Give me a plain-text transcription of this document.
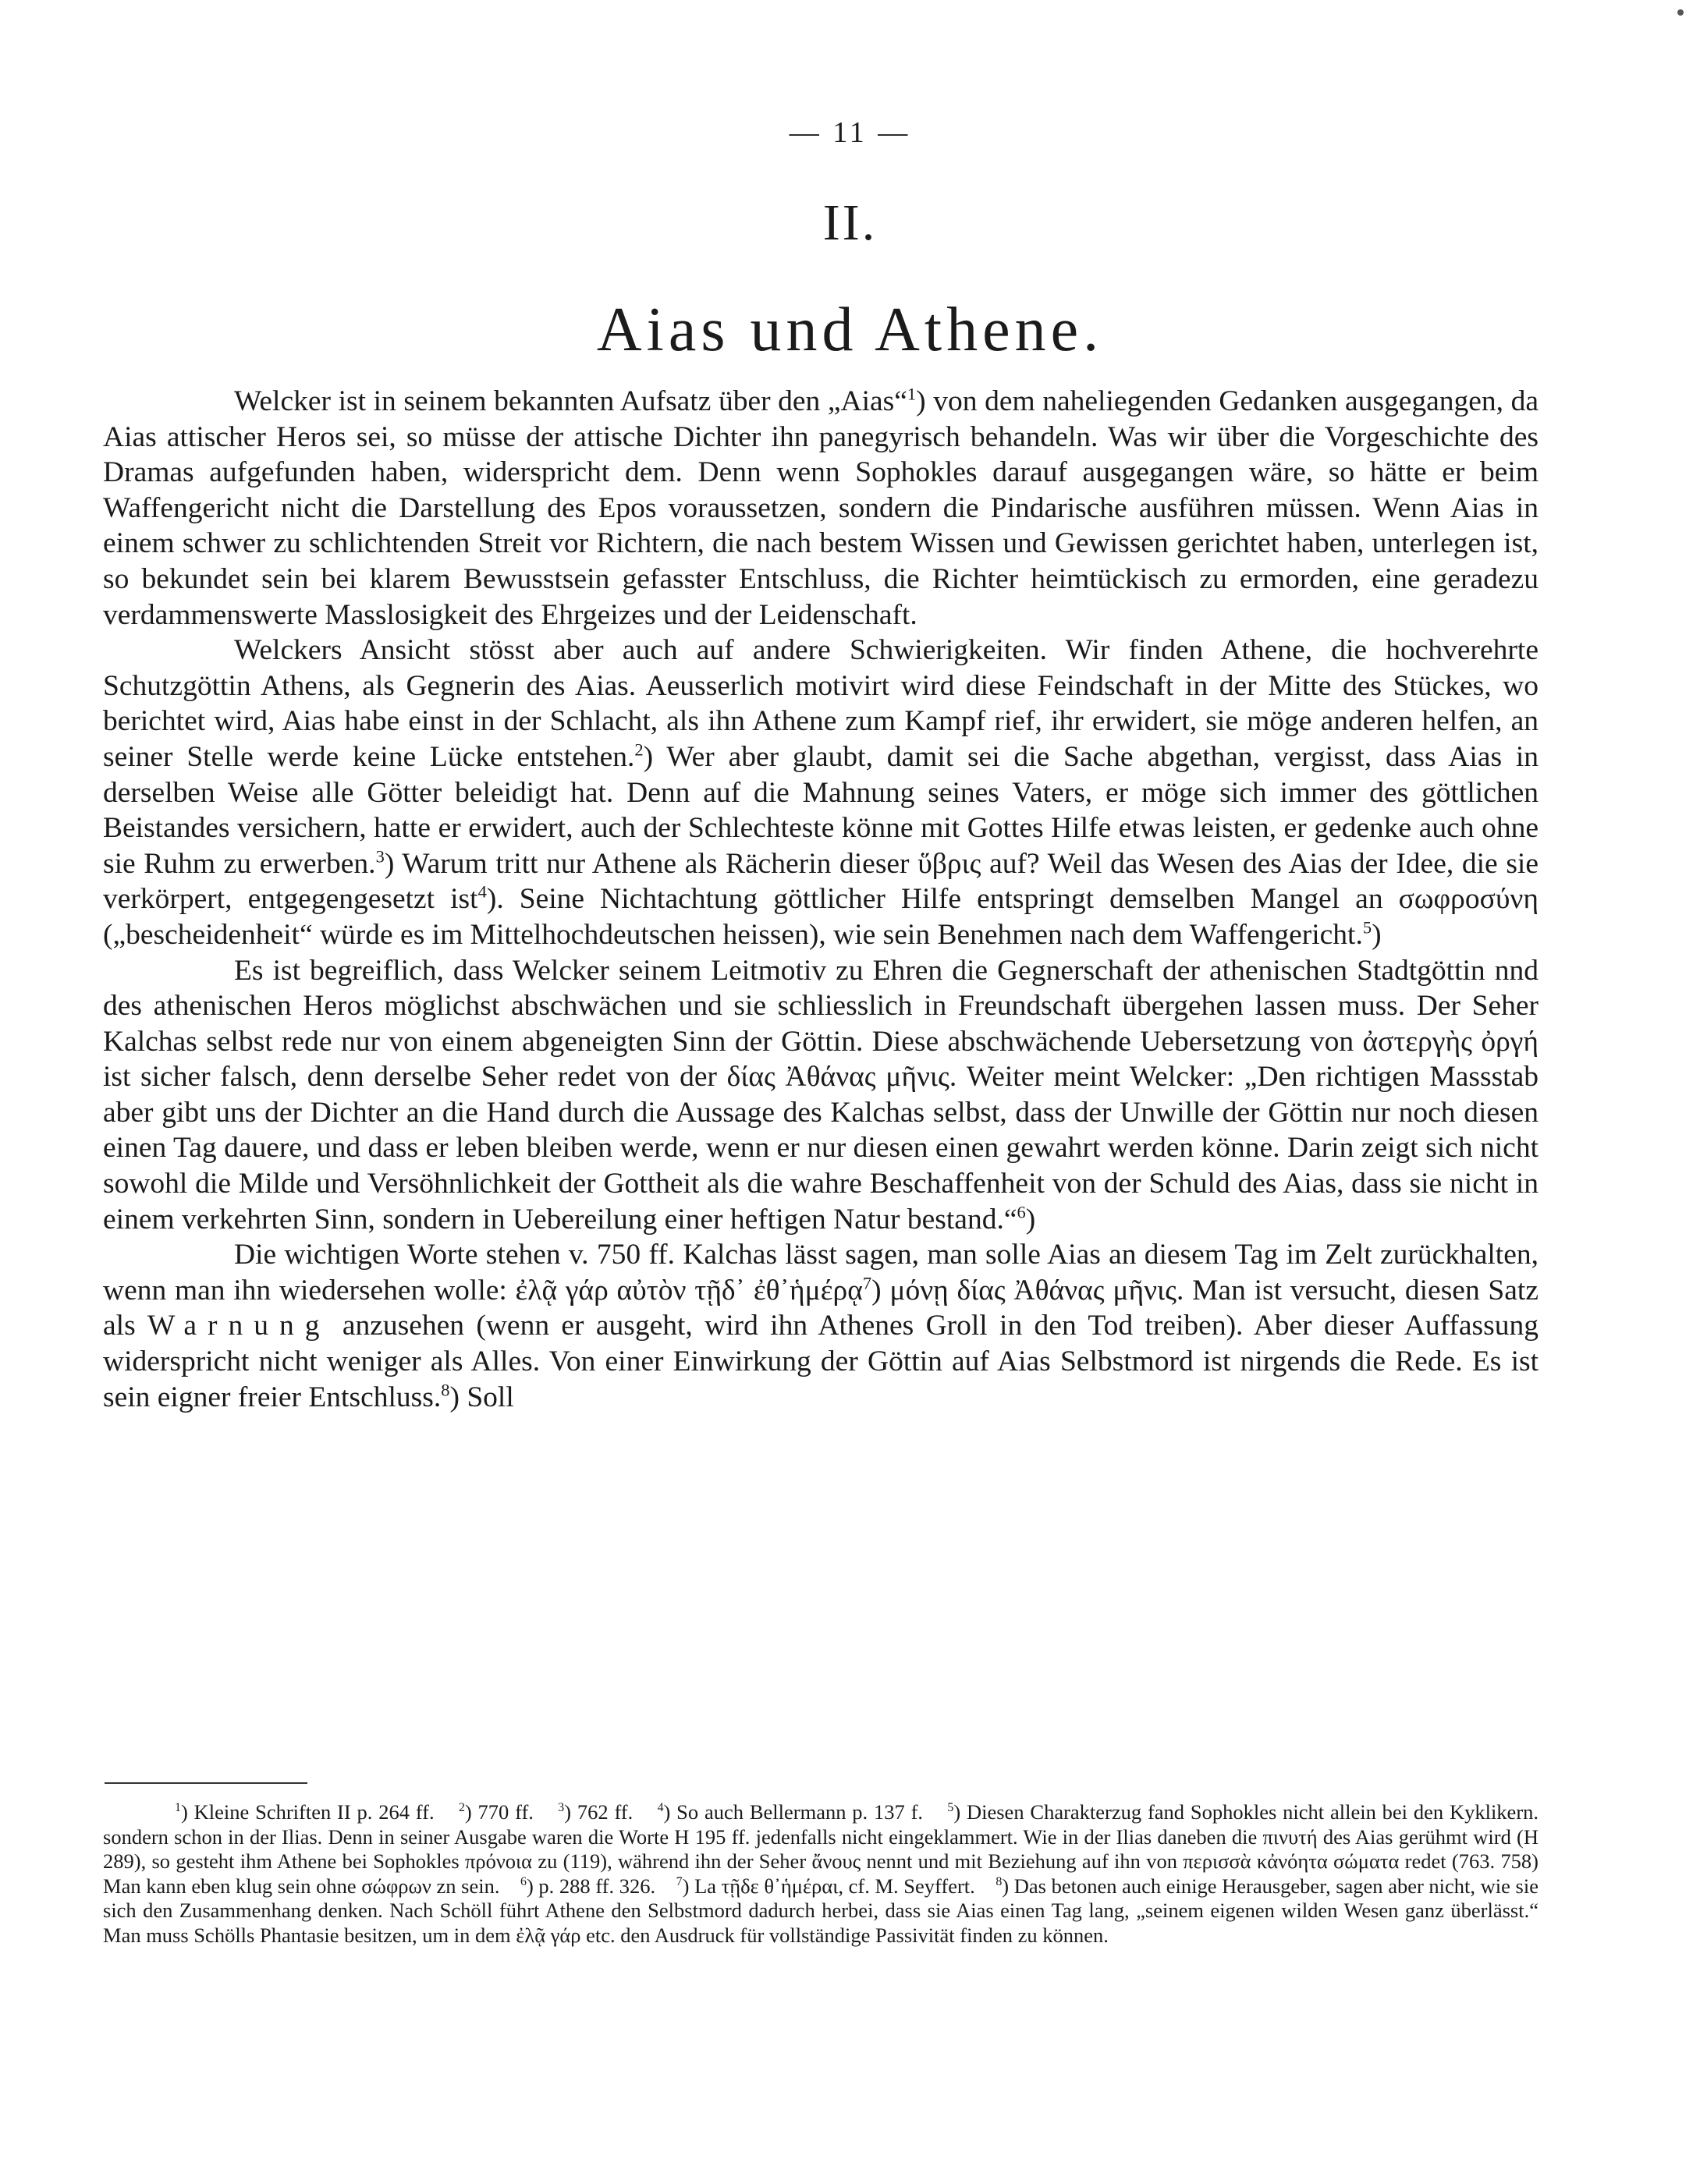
— 11 —
II.
Aias und Athene.

Welcker ist in seinem bekannten Aufsatz über den „Aias“$^1$) von dem naheliegenden Gedanken ausgegangen, da Aias attischer Heros sei, so müsse der attische Dichter ihn panegyrisch behandeln. Was wir über die Vorgeschichte des Dramas aufgefunden haben, widerspricht dem. Denn wenn Sophokles darauf ausgegangen wäre, so hätte er beim Waffengericht nicht die Darstellung des Epos voraussetzen, sondern die Pindarische ausführen müssen. Wenn Aias in einem schwer zu schlichtenden Streit vor Richtern, die nach bestem Wissen und Gewissen gerichtet haben, unterlegen ist, so bekundet sein bei klarem Bewusstsein gefasster Entschluss, die Richter heimtückisch zu ermorden, eine geradezu verdammenswerte Masslosigkeit des Ehrgeizes und der Leidenschaft.

Welckers Ansicht stösst aber auch auf andere Schwierigkeiten. Wir finden Athene, die hochverehrte Schutzgöttin Athens, als Gegnerin des Aias. Aeusserlich motivirt wird diese Feindschaft in der Mitte des Stückes, wo berichtet wird, Aias habe einst in der Schlacht, als ihn Athene zum Kampf rief, ihr erwidert, sie möge anderen helfen, an seiner Stelle werde keine Lücke entstehen.$^2$) Wer aber glaubt, damit sei die Sache abgethan, vergisst, dass Aias in derselben Weise alle Götter beleidigt hat. Denn auf die Mahnung seines Vaters, er möge sich immer des göttlichen Beistandes versichern, hatte er erwidert, auch der Schlechteste könne mit Gottes Hilfe etwas leisten, er gedenke auch ohne sie Ruhm zu erwerben.$^3$) Warum tritt nur Athene als Rächerin dieser ὕβρις auf? Weil das Wesen des Aias der Idee, die sie verkörpert, entgegengesetzt ist$^4$). Seine Nichtachtung göttlicher Hilfe entspringt demselben Mangel an σωφροσύνη („bescheidenheit“ würde es im Mittelhochdeutschen heissen), wie sein Benehmen nach dem Waffengericht.$^5$)

Es ist begreiflich, dass Welcker seinem Leitmotiv zu Ehren die Gegnerschaft der athenischen Stadtgöttin nnd des athenischen Heros möglichst abschwächen und sie schliesslich in Freundschaft übergehen lassen muss. Der Seher Kalchas selbst rede nur von einem abgeneigten Sinn der Göttin. Diese abschwächende Uebersetzung von ἀστεργὴς ὀργή ist sicher falsch, denn derselbe Seher redet von der δίας Ἀθάνας μῆνις. Weiter meint Welcker: „Den richtigen Massstab aber gibt uns der Dichter an die Hand durch die Aussage des Kalchas selbst, dass der Unwille der Göttin nur noch diesen einen Tag dauere, und dass er leben bleiben werde, wenn er nur diesen einen gewahrt werden könne. Darin zeigt sich nicht sowohl die Milde und Versöhnlichkeit der Gottheit als die wahre Beschaffenheit von der Schuld des Aias, dass sie nicht in einem verkehrten Sinn, sondern in Uebereilung einer heftigen Natur bestand.“$^6$)

Die wichtigen Worte stehen v. 750 ff. Kalchas lässt sagen, man solle Aias an diesem Tag im Zelt zurückhalten, wenn man ihn wiedersehen wolle: ἐλᾷ γάρ αὐτὸν τῇδ᾽ ἐθ᾽ἡμέρᾳ$^7$) μόνῃ δίας Ἀθάνας μῆνις. Man ist versucht, diesen Satz als Warnung anzusehen (wenn er ausgeht, wird ihn Athenes Groll in den Tod treiben). Aber dieser Auffassung widerspricht nicht weniger als Alles. Von einer Einwirkung der Göttin auf Aias Selbstmord ist nirgends die Rede. Es ist sein eigner freier Entschluss.$^8$) Soll

$^1$) Kleine Schriften II p. 264 ff. $^2$) 770 ff. $^3$) 762 ff. $^4$) So auch Bellermann p. 137 f. $^5$) Diesen Charakterzug fand Sophokles nicht allein bei den Kyklikern. sondern schon in der Ilias. Denn in seiner Ausgabe waren die Worte H 195 ff. jedenfalls nicht eingeklammert. Wie in der Ilias daneben die πινυτή des Aias gerühmt wird (H 289), so gesteht ihm Athene bei Sophokles πρόνοια zu (119), während ihn der Seher ἄνους nennt und mit Beziehung auf ihn von περισσὰ κἀνόητα σώματα redet (763. 758) Man kann eben klug sein ohne σώφρων zn sein. $^6$) p. 288 ff. 326. $^7$) La τῇδε θ᾽ἡμέραι, cf. M. Seyffert. $^8$) Das betonen auch einige Herausgeber, sagen aber nicht, wie sie sich den Zusammenhang denken. Nach Schöll führt Athene den Selbstmord dadurch herbei, dass sie Aias einen Tag lang, „seinem eigenen wilden Wesen ganz überlässt.“ Man muss Schölls Phantasie besitzen, um in dem ἐλᾷ γάρ etc. den Ausdruck für vollständige Passivität finden zu können.
